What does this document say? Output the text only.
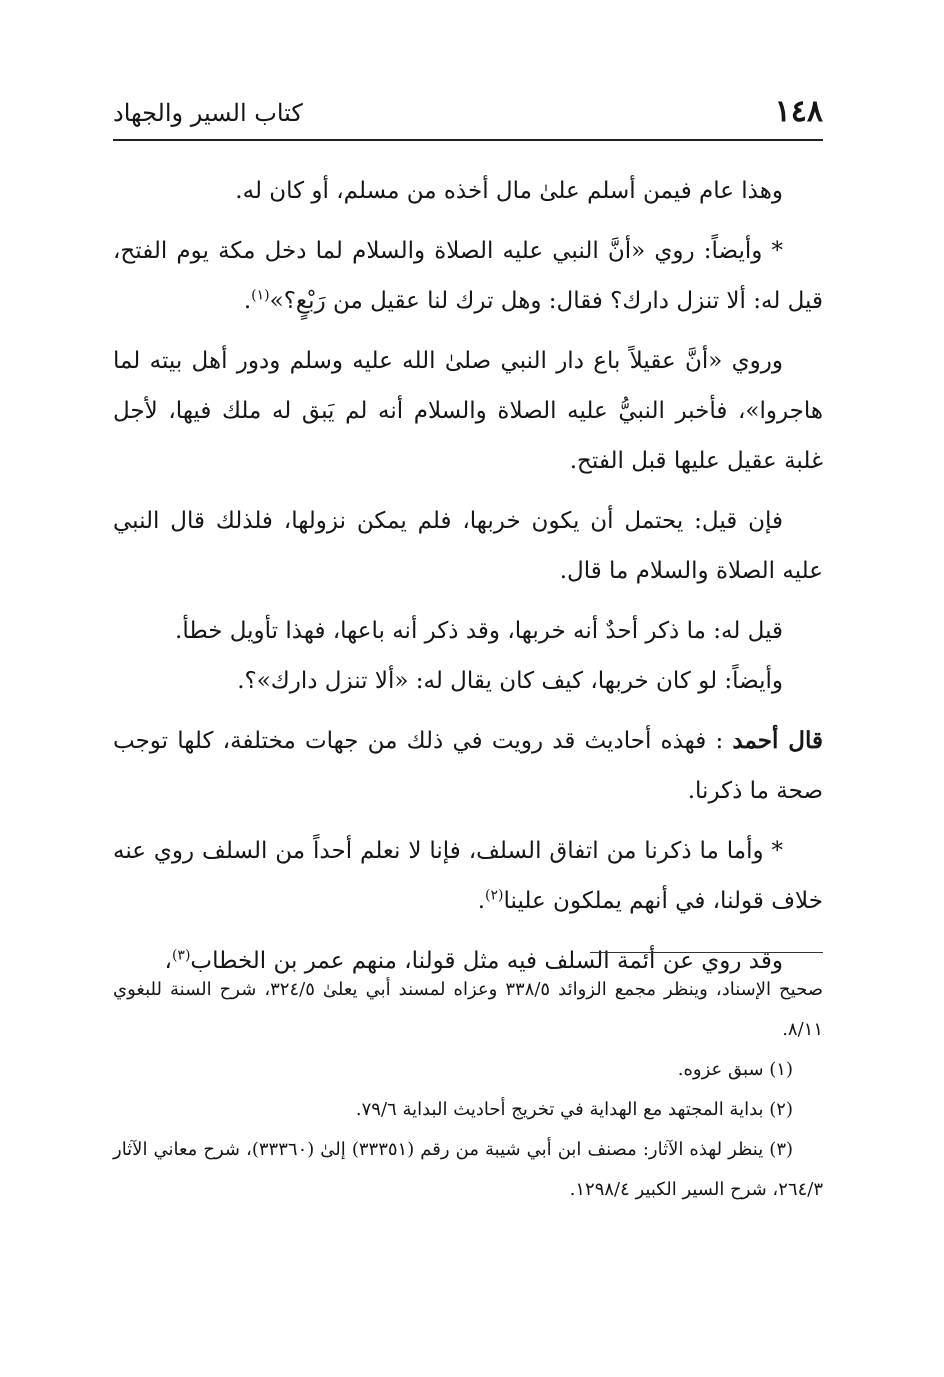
١٤٨
كتاب السير والجهاد

وهذا عام فيمن أسلم علىٰ مال أخذه من مسلم، أو كان له.

* وأيضاً: روي «أنَّ النبي عليه الصلاة والسلام لما دخل مكة يوم الفتح، قيل له: ألا تنزل دارك؟ فقال: وهل ترك لنا عقيل من رَبْعٍ؟»$^{(١)}$.

وروي «أنَّ عقيلاً باع دار النبي صلىٰ الله عليه وسلم ودور أهل بيته لما هاجروا»، فأخبر النبيُّ عليه الصلاة والسلام أنه لم يَبق له ملك فيها، لأجل غلبة عقيل عليها قبل الفتح.

فإن قيل: يحتمل أن يكون خربها، فلم يمكن نزولها، فلذلك قال النبي عليه الصلاة والسلام ما قال.

قيل له: ما ذكر أحدٌ أنه خربها، وقد ذكر أنه باعها، فهذا تأويل خطأ.

وأيضاً: لو كان خربها، كيف كان يقال له: «ألا تنزل دارك»؟.

قال أحمد : فهذه أحاديث قد رويت في ذلك من جهات مختلفة، كلها توجب صحة ما ذكرنا.

* وأما ما ذكرنا من اتفاق السلف، فإنا لا نعلم أحداً من السلف روي عنه خلاف قولنا، في أنهم يملكون علينا$^{(٢)}$.

وقد روي عن أئمة السلف فيه مثل قولنا، منهم عمر بن الخطاب$^{(٣)}$،

صحيح الإسناد، وينظر مجمع الزوائد ٣٣٨/٥ وعزاه لمسند أبي يعلىٰ ٣٢٤/٥، شرح السنة للبغوي ٨/١١.

(١) سبق عزوه.

(٢) بداية المجتهد مع الهداية في تخريج أحاديث البداية ٧٩/٦.

(٣) ينظر لهذه الآثار: مصنف ابن أبي شيبة من رقم (٣٣٣٥١) إلىٰ (٣٣٣٦٠)، شرح معاني الآثار ٢٦٤/٣، شرح السير الكبير ١٢٩٨/٤.
